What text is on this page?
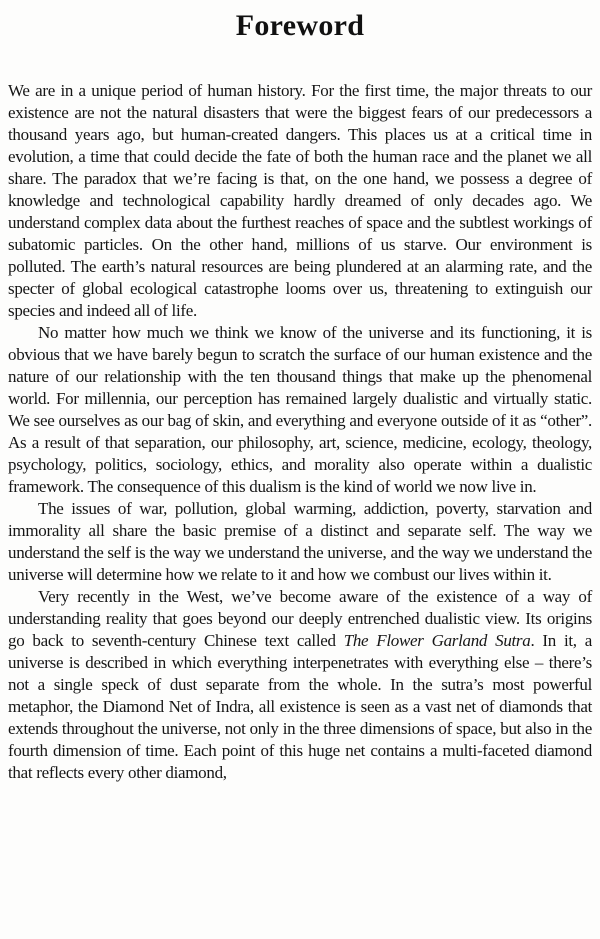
Foreword

We are in a unique period of human history. For the first time, the major threats to our existence are not the natural disasters that were the biggest fears of our predecessors a thousand years ago, but human-created dangers. This places us at a critical time in evolution, a time that could decide the fate of both the human race and the planet we all share. The paradox that we’re facing is that, on the one hand, we possess a degree of knowledge and technological capability hardly dreamed of only decades ago. We understand complex data about the furthest reaches of space and the subtlest workings of subatomic particles. On the other hand, millions of us starve. Our environment is polluted. The earth’s natural resources are being plundered at an alarming rate, and the specter of global ecological catastrophe looms over us, threatening to extinguish our species and indeed all of life.

No matter how much we think we know of the universe and its functioning, it is obvious that we have barely begun to scratch the surface of our human existence and the nature of our relationship with the ten thousand things that make up the phenomenal world. For millennia, our perception has remained largely dualistic and virtually static. We see ourselves as our bag of skin, and everything and everyone outside of it as “other”. As a result of that separation, our philosophy, art, science, medicine, ecology, theology, psychology, politics, sociology, ethics, and morality also operate within a dualistic framework. The consequence of this dualism is the kind of world we now live in.

The issues of war, pollution, global warming, addiction, poverty, starvation and immorality all share the basic premise of a distinct and separate self. The way we understand the self is the way we understand the universe, and the way we understand the universe will determine how we relate to it and how we combust our lives within it.

Very recently in the West, we’ve become aware of the existence of a way of understanding reality that goes beyond our deeply entrenched dualistic view. Its origins go back to seventh-century Chinese text called The Flower Garland Sutra. In it, a universe is described in which everything interpenetrates with everything else – there’s not a single speck of dust separate from the whole. In the sutra’s most powerful metaphor, the Diamond Net of Indra, all existence is seen as a vast net of diamonds that extends throughout the universe, not only in the three dimensions of space, but also in the fourth dimension of time. Each point of this huge net contains a multi-faceted diamond that reflects every other diamond,
